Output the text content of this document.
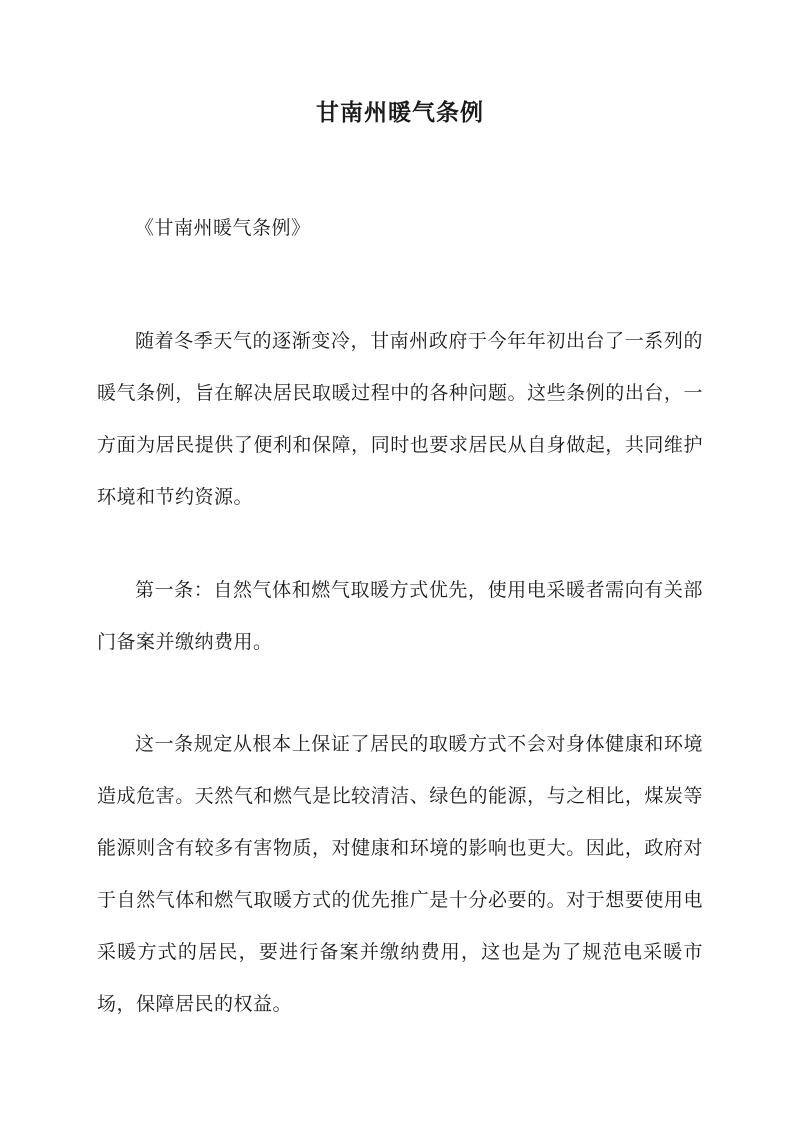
甘南州暖气条例

《甘南州暖气条例》

随着冬季天气的逐渐变冷，甘南州政府于今年年初出台了一系列的暖气条例，旨在解决居民取暖过程中的各种问题。这些条例的出台，一方面为居民提供了便利和保障，同时也要求居民从自身做起，共同维护环境和节约资源。

第一条：自然气体和燃气取暖方式优先，使用电采暖者需向有关部门备案并缴纳费用。

这一条规定从根本上保证了居民的取暖方式不会对身体健康和环境造成危害。天然气和燃气是比较清洁、绿色的能源，与之相比，煤炭等能源则含有较多有害物质，对健康和环境的影响也更大。因此，政府对于自然气体和燃气取暖方式的优先推广是十分必要的。对于想要使用电采暖方式的居民，要进行备案并缴纳费用，这也是为了规范电采暖市场，保障居民的权益。
